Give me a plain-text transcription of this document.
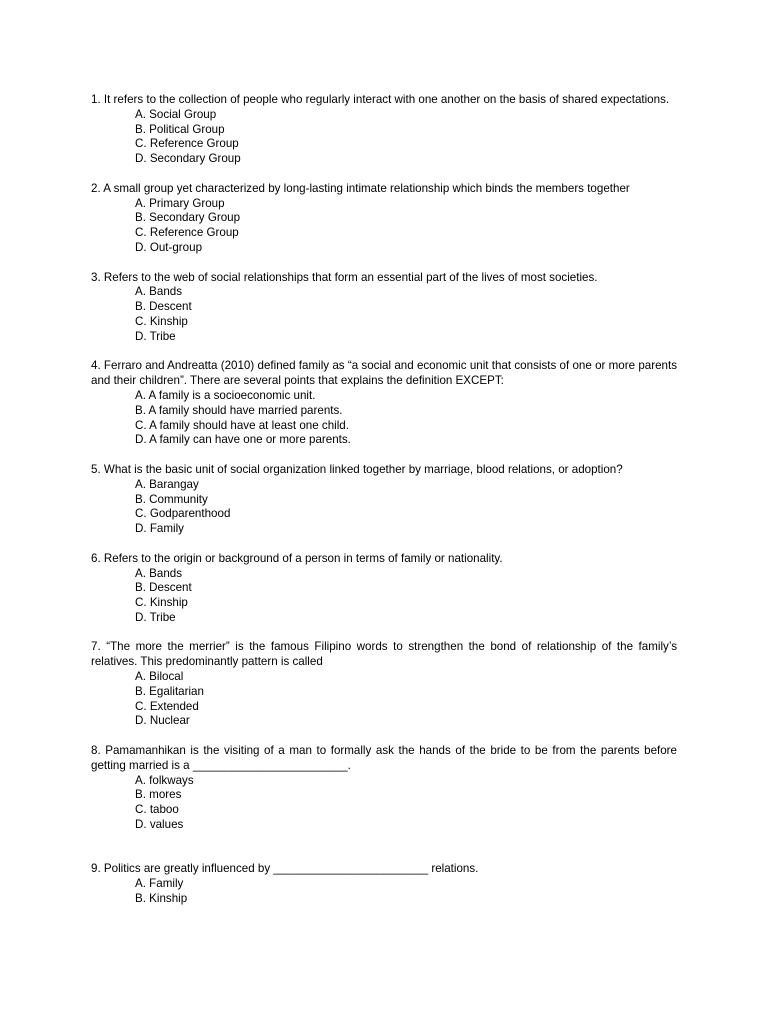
1. It refers to the collection of people who regularly interact with one another on the basis of shared expectations.

A. Social Group
B. Political Group
C. Reference Group
D. Secondary Group

2. A small group yet characterized by long-lasting intimate relationship which binds the members together

A. Primary Group
B. Secondary Group
C. Reference Group
D. Out-group

3. Refers to the web of social relationships that form an essential part of the lives of most societies.

A. Bands
B. Descent
C. Kinship
D. Tribe

4. Ferraro and Andreatta (2010) defined family as “a social and economic unit that consists of one or more parents and their children”. There are several points that explains the definition EXCEPT:

A. A family is a socioeconomic unit.
B. A family should have married parents.
C. A family should have at least one child.
D. A family can have one or more parents.

5. What is the basic unit of social organization linked together by marriage, blood relations, or adoption?

A. Barangay
B. Community
C. Godparenthood
D. Family

6. Refers to the origin or background of a person in terms of family or nationality.

A. Bands
B. Descent
C. Kinship
D. Tribe

7. “The more the merrier” is the famous Filipino words to strengthen the bond of relationship of the family’s relatives. This predominantly pattern is called

A. Bilocal
B. Egalitarian
C. Extended
D. Nuclear

8. Pamamanhikan is the visiting of a man to formally ask the hands of the bride to be from the parents before getting married is a ________________________.

A. folkways
B. mores
C. taboo
D. values

9. Politics are greatly influenced by ________________________ relations.

A. Family
B. Kinship
